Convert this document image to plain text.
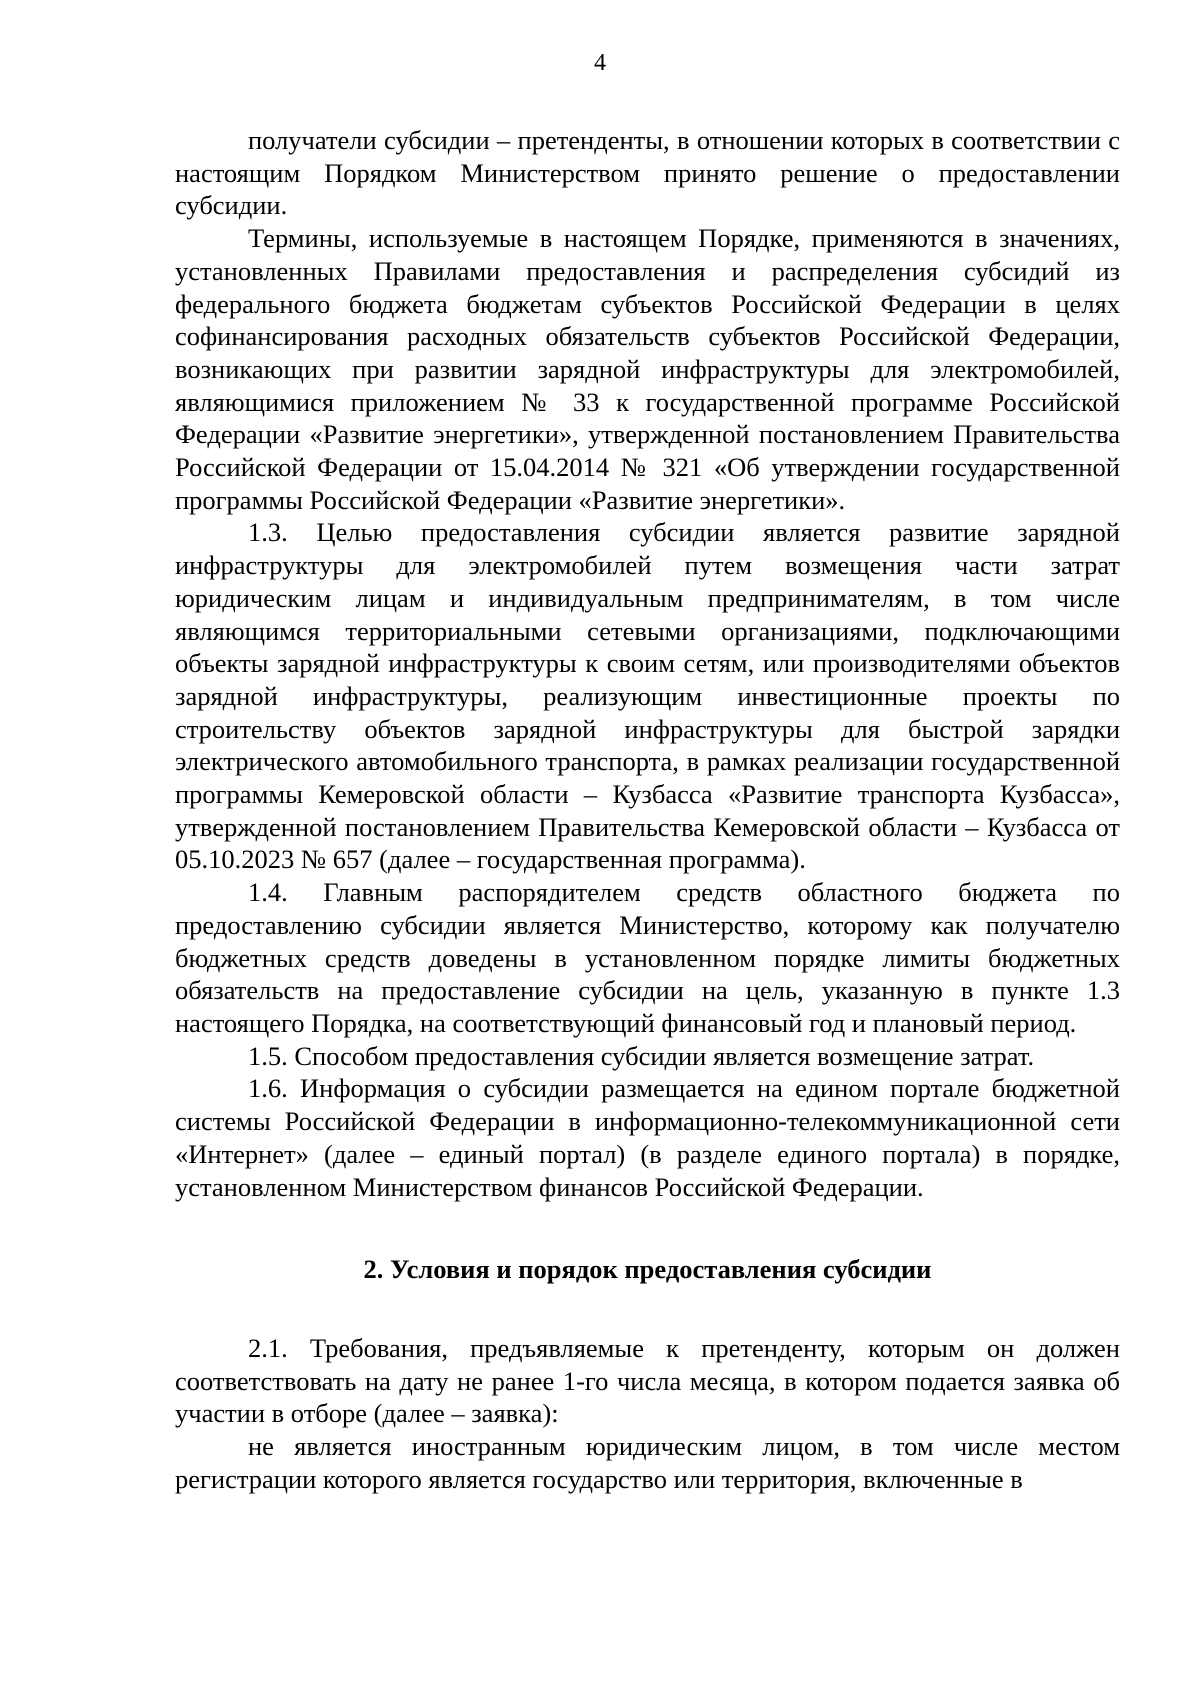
4

получатели субсидии – претенденты, в отношении которых в соответствии с настоящим Порядком Министерством принято решение о предоставлении субсидии.

Термины, используемые в настоящем Порядке, применяются в значениях, установленных Правилами предоставления и распределения субсидий из федерального бюджета бюджетам субъектов Российской Федерации в целях софинансирования расходных обязательств субъектов Российской Федерации, возникающих при развитии зарядной инфраструктуры для электромобилей, являющимися приложением № 33 к государственной программе Российской Федерации «Развитие энергетики», утвержденной постановлением Правительства Российской Федерации от 15.04.2014 № 321 «Об утверждении государственной программы Российской Федерации «Развитие энергетики».

1.3. Целью предоставления субсидии является развитие зарядной инфраструктуры для электромобилей путем возмещения части затрат юридическим лицам и индивидуальным предпринимателям, в том числе являющимся территориальными сетевыми организациями, подключающими объекты зарядной инфраструктуры к своим сетям, или производителями объектов зарядной инфраструктуры, реализующим инвестиционные проекты по строительству объектов зарядной инфраструктуры для быстрой зарядки электрического автомобильного транспорта, в рамках реализации государственной программы Кемеровской области – Кузбасса «Развитие транспорта Кузбасса», утвержденной постановлением Правительства Кемеровской области – Кузбасса от 05.10.2023 № 657 (далее – государственная программа).

1.4. Главным распорядителем средств областного бюджета по предоставлению субсидии является Министерство, которому как получателю бюджетных средств доведены в установленном порядке лимиты бюджетных обязательств на предоставление субсидии на цель, указанную в пункте 1.3 настоящего Порядка, на соответствующий финансовый год и плановый период.

1.5. Способом предоставления субсидии является возмещение затрат.

1.6. Информация о субсидии размещается на едином портале бюджетной системы Российской Федерации в информационно-телекоммуникационной сети «Интернет» (далее – единый портал) (в разделе единого портала) в порядке, установленном Министерством финансов Российской Федерации.

2. Условия и порядок предоставления субсидии

2.1. Требования, предъявляемые к претенденту, которым он должен соответствовать на дату не ранее 1-го числа месяца, в котором подается заявка об участии в отборе (далее – заявка):

не является иностранным юридическим лицом, в том числе местом регистрации которого является государство или территория, включенные в
